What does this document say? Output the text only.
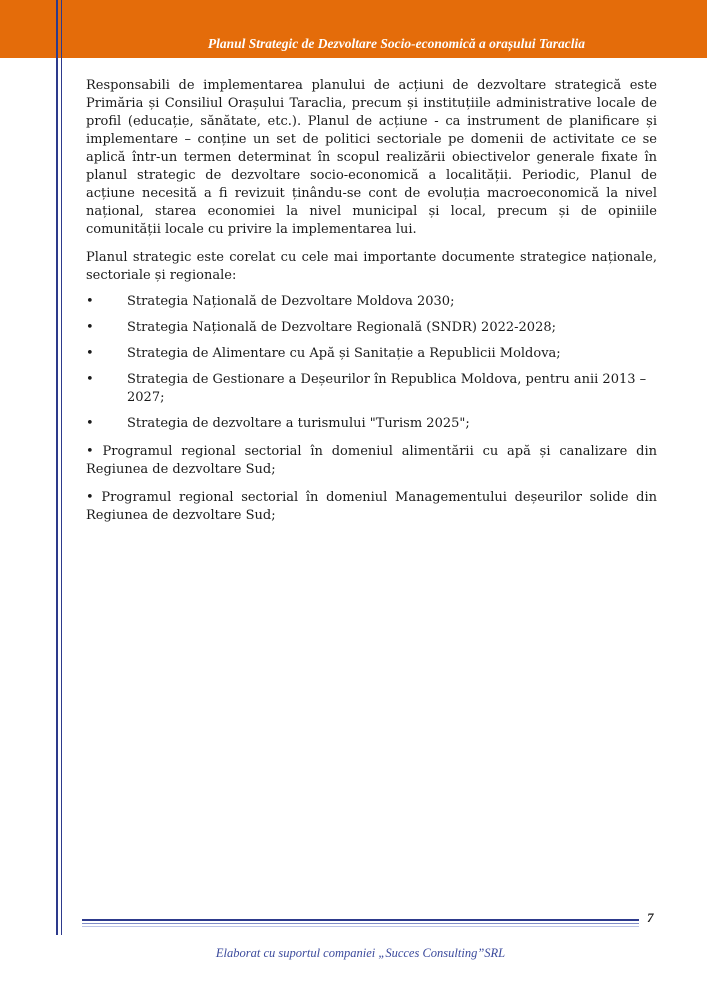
Planul Strategic de Dezvoltare Socio-economică a orașului Taraclia

Responsabili de implementarea planului de acțiuni de dezvoltare strategică este Primăria și Consiliul Orașului Taraclia, precum și instituțiile administrative locale de profil (educație, sănătate, etc.). Planul de acțiune - ca instrument de planificare și implementare – conține un set de politici sectoriale pe domenii de activitate ce se aplică într-un termen determinat în scopul realizării obiectivelor generale fixate în planul strategic de dezvoltare socio-economică a localității. Periodic, Planul de acțiune necesită a fi revizuit ținându-se cont de evoluția macroeconomică la nivel național, starea economiei la nivel municipal și local, precum și de opiniile comunității locale cu privire la implementarea lui.

Planul strategic este corelat cu cele mai importante documente strategice naționale, sectoriale și regionale:

•	Strategia Națională de Dezvoltare Moldova 2030;
•	Strategia Națională de Dezvoltare Regională (SNDR) 2022-2028;
•	Strategia de Alimentare cu Apă și Sanitație a Republicii Moldova;
•	Strategia de Gestionare a Deșeurilor în Republica Moldova, pentru anii 2013 – 2027;
•	Strategia de dezvoltare a turismului "Turism 2025";

• Programul regional sectorial în domeniul alimentării cu apă și canalizare din Regiunea de dezvoltare Sud;

• Programul regional sectorial în domeniul Managementului deșeurilor solide din Regiunea de dezvoltare Sud;

7
Elaborat cu suportul companiei „Succes Consulting”SRL
